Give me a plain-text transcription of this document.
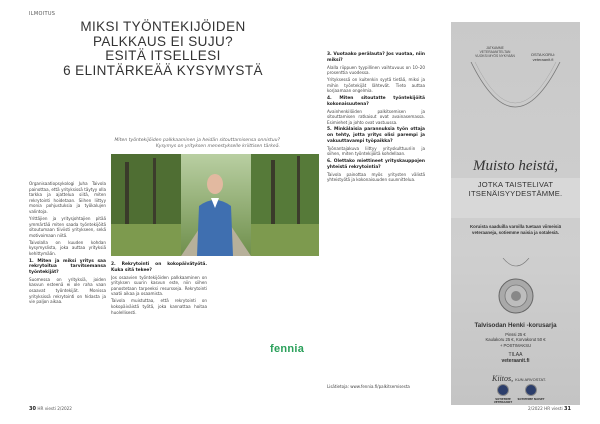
ILMOITUS
MIKSI TYÖNTEKIJÖIDEN
PALKKAUS EI SUJU?
ESITÄ ITSELLESI
6 ELINTÄRKEÄÄ KYSYMYSTÄ
Miten työntekijöiden palkkaaminen ja heidän sitouttamisensa onnistuu? Kysymys on yrityksen menestykselle kriittisen tärkeä.

Organisaatiopsykologi Juha Taivola painottaa, että yrityksissä täytyy olla tarkka ja ajattelua siitä, miten rekrytointi hoidetaan. Siihen liittyy monia pohjustuksia ja työkalujen valintoja.

Yrittäjien ja yritysjohtajien pitää ymmärtää miten saada työntekijöitä sitoutumaan tiiviisti yritykseen, sekä motivoimaan niitä.

Taivolalla on kuuden kohdan kysymyslista, joka auttaa yrityksiä kehittymään.

1. Miten ja miksi yritys saa rekrytoitua tarvitsemansa työntekijät?

Suomessa on yrityksiä, joiden kasvun esteenä ei ole raha vaan osaavat työntekijät. Monissa yrityksissä rekrytointi on hidasta ja vie paljon aikaa.

2. Rekrytointi on kokopäivätyötä. Kuka sitä tekee?

Jos osaavien työntekijöiden palkkaaminen on yrityksen suurin kasvun este, niin siihen panostetaan tarpeeksi resursseja. Rekrytointi vaatii aikaa ja osaamista.

Taivola muistuttaa, että rekrytointi on kokopäiväistä työtä, joka kannattaa hoitaa huolellisesti.

fennia
3. Vuotaako perälauta? Jos vuotaa, niin miksi?

Alalla riippuen tyypillinen vaihtuvuus on 10–20 prosenttia vuodessa.

Yrityksessä on kuitenkin syytä tietää, miksi ja mihin työntekijät lähtevät. Tieto auttaa korjaamaan ongelmia.

4. Miten sitoutatte työntekijöitä kokonaisuutena?

Avainhenkilöiden palkitsemisen ja sitouttamisen ratkaisut ovat avainasemassa. Esimiehet ja johto ovat vastuussa.

5. Minkälaisia parannuksia työn ottaja on tehty, jotta yritys olisi parempi ja vakuuttavampi työpaikka?

Työnantajakuva liittyy yrityskulttuuriin ja siihen, miten työntekijöitä kohdellaan.

6. Olettako miettineet yrityskauppojen yhteistä rekrytointia?

Taivola painottaa myös yritysten välistä yhteistyötä ja kokonaisuuden suunnittelua.

Lisätietoja: www.fennia.fi/palkitsemisesta
30 HR viesti 2/2022	2/2022 HR viesti 31
JATKAMME VETERAANITELTAN VUOKSI MYÖS NYKYÄÄN	OSTA KORU: veteraanit.fi
Muisto heistä,
JOTKA TAISTELIVAT ITSENÄISYYDESTÄMME.
Koruista saaduilla varoilla tuetaan viimeisiä veteraaneja, sotiemme naisia ja sotalesiä.
Talvisodan Henki -korusarja
Pinssi 25 €
Kaulakoru 25 €, Korvakorut 50 €
+ POSTIMAKSU
TILAA
veteraanit.fi
Kiitos, KUN ARVOSTAT.
SOTIEMME VETERAANIT
SOTIEMME NAISET
